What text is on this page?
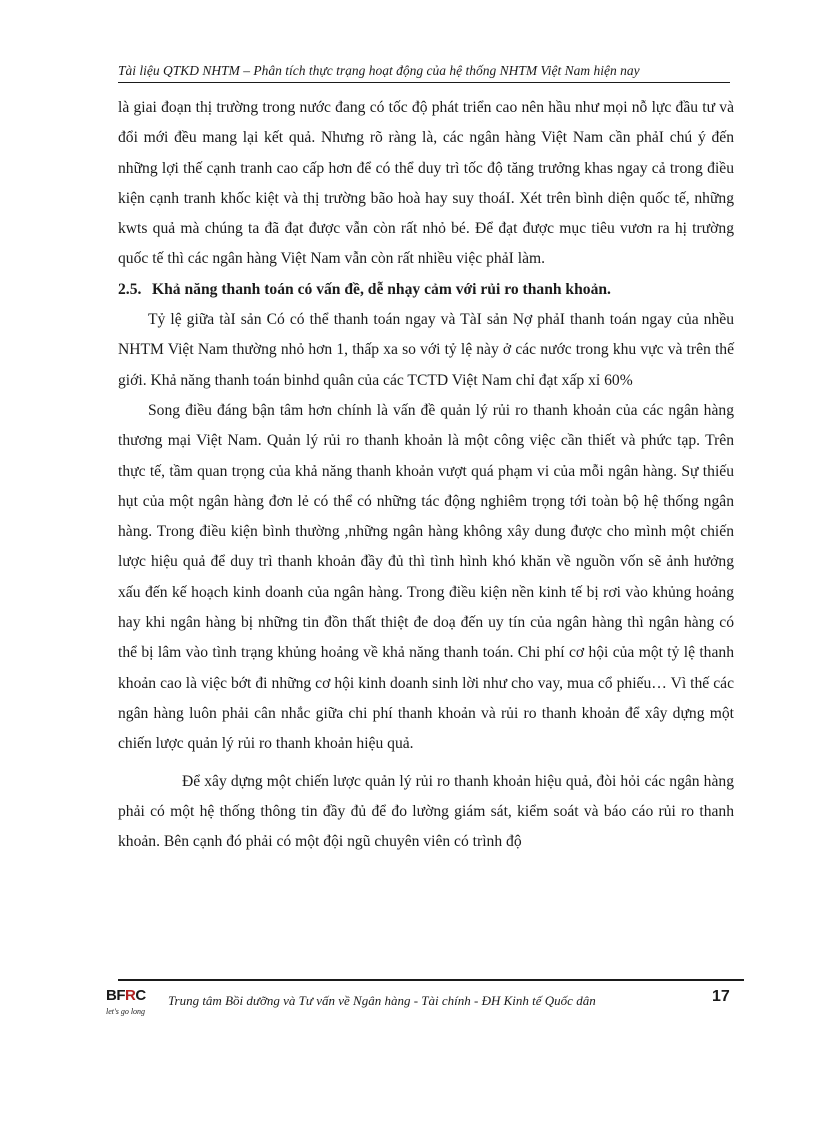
Tài liệu QTKD NHTM – Phân tích thực trạng hoạt động của hệ thống NHTM Việt Nam hiện nay

là giai đoạn thị trường trong nước đang có tốc độ phát triển cao nên hầu như mọi nỗ lực đầu tư và đổi mới đều mang lại kết quả. Nhưng rõ ràng là, các ngân hàng Việt Nam cần phảI chú ý đến những lợi thế cạnh tranh cao cấp hơn để có thể duy trì tốc độ tăng trưởng khas ngay cả trong điều kiện cạnh tranh khốc kiệt và thị trường bão hoà hay suy thoáI. Xét trên bình diện quốc tế, những kwts quả mà chúng ta đã đạt được vẫn còn rất nhỏ bé. Để đạt được mục tiêu vươn ra hị trường quốc tế thì các ngân hàng Việt Nam vẫn còn rất nhiều việc phảI làm.

2.5. Khả năng thanh toán có vấn đề, dễ nhạy cảm với rủi ro thanh khoản.

Tỷ lệ giữa tàI sản Có có thể thanh toán ngay và TàI sản Nợ phảI thanh toán ngay của nhều NHTM Việt Nam thường nhỏ hơn 1, thấp xa so với tỷ lệ này ở các nước trong khu vực và trên thế giới. Khả năng thanh toán binhd quân của các TCTD Việt Nam chỉ đạt xấp xỉ 60%

Song điều đáng bận tâm hơn chính là vấn đề quản lý rủi ro thanh khoản của các ngân hàng thương mại Việt Nam. Quản lý rủi ro thanh khoản là một công việc cần thiết và phức tạp. Trên thực tế, tầm quan trọng của khả năng thanh khoản vượt quá phạm vi của mỗi ngân hàng. Sự thiếu hụt của một ngân hàng đơn lẻ có thể có những tác động nghiêm trọng tới toàn bộ hệ thống ngân hàng. Trong điều kiện bình thường ,những ngân hàng không xây dung được cho mình một chiến lược hiệu quả để duy trì thanh khoản đầy đủ thì tình hình khó khăn về nguồn vốn sẽ ảnh hưởng xấu đến kế hoạch kinh doanh của ngân hàng. Trong điều kiện nền kinh tế bị rơi vào khủng hoảng hay khi ngân hàng bị những tin đồn thất thiệt đe doạ đến uy tín của ngân hàng thì ngân hàng có thể bị lâm vào tình trạng khủng hoảng về khả năng thanh toán. Chi phí cơ hội của một tỷ lệ thanh khoản cao là việc bớt đi những cơ hội kinh doanh sinh lời như cho vay, mua cổ phiếu… Vì thế các ngân hàng luôn phải cân nhắc giữa chi phí thanh khoản và rủi ro thanh khoản để xây dựng một chiến lược quản lý rủi ro thanh khoản hiệu quả.

Để xây dựng một chiến lược quản lý rủi ro thanh khoản hiệu quả, đòi hỏi các ngân hàng phải có một hệ thống thông tin đầy đủ để đo lường giám sát, kiểm soát và báo cáo rủi ro thanh khoản. Bên cạnh đó phải có một đội ngũ chuyên viên có trình độ

BFRC
let's go long
Trung tâm Bồi dưỡng và Tư vấn về Ngân hàng - Tài chính - ĐH Kinh tế Quốc dân	17
